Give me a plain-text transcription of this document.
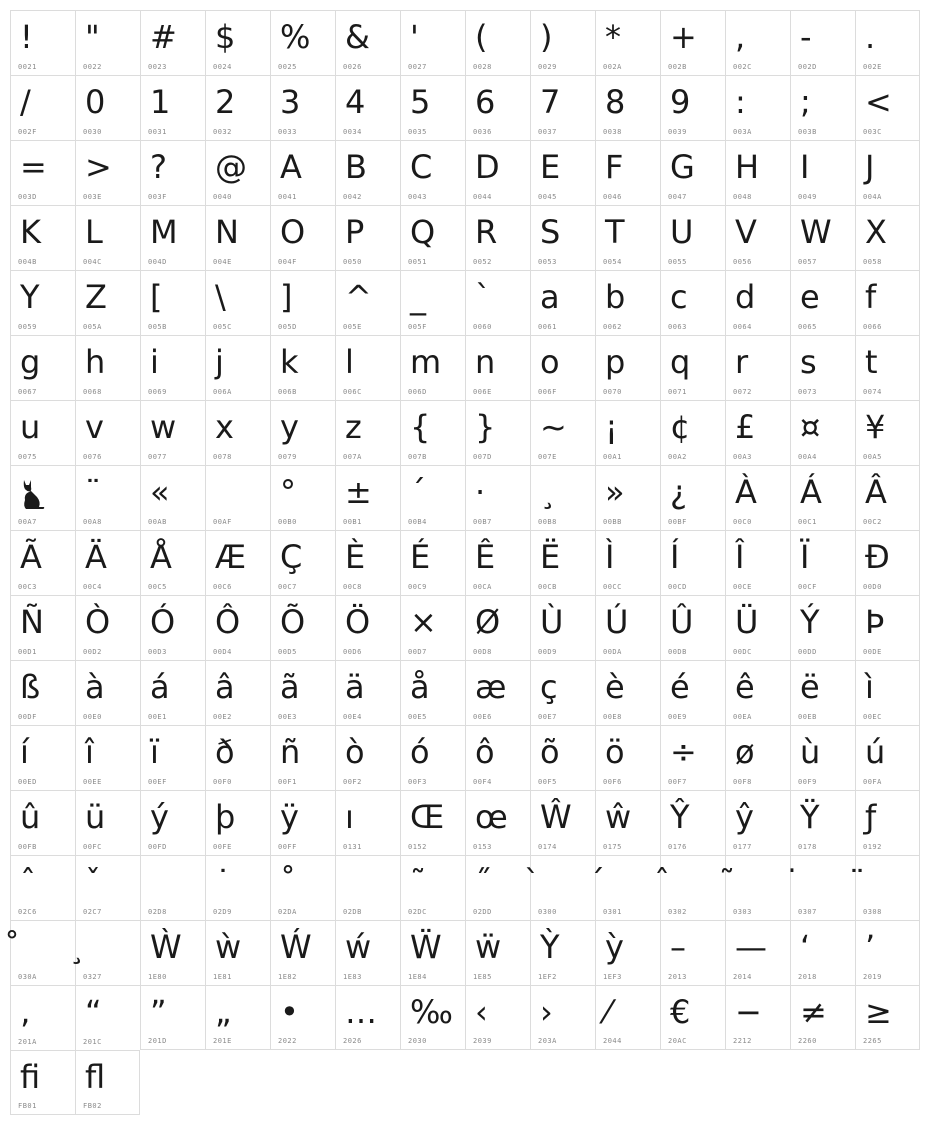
!
0021
"
0022
#
0023
$
0024
%
0025
&
0026
'
0027
(
0028
)
0029
*
002A
+
002B
,
002C
-
002D
.
002E
/
002F
0
0030
1
0031
2
0032
3
0033
4
0034
5
0035
6
0036
7
0037
8
0038
9
0039
:
003A
;
003B
<
003C
=
003D
>
003E
?
003F
@
0040
A
0041
B
0042
C
0043
D
0044
E
0045
F
0046
G
0047
H
0048
I
0049
J
004A
K
004B
L
004C
M
004D
N
004E
O
004F
P
0050
Q
0051
R
0052
S
0053
T
0054
U
0055
V
0056
W
0057
X
0058
Y
0059
Z
005A
[
005B
\
005C
]
005D
^
005E
_
005F
`
0060
a
0061
b
0062
c
0063
d
0064
e
0065
f
0066
g
0067
h
0068
i
0069
j
006A
k
006B
l
006C
m
006D
n
006E
o
006F
p
0070
q
0071
r
0072
s
0073
t
0074
u
0075
v
0076
w
0077
x
0078
y
0079
z
007A
{
007B
}
007D
~
007E
¡
00A1
¢
00A2
£
00A3
¤
00A4
¥
00A5
00A7
¨
00A8
«
00AB	00AF
°
00B0
±
00B1
´
00B4
·
00B7
¸
00B8
»
00BB
¿
00BF
À
00C0
Á
00C1
Â
00C2
Ã
00C3
Ä
00C4
Å
00C5
Æ
00C6
Ç
00C7
È
00C8
É
00C9
Ê
00CA
Ë
00CB
Ì
00CC
Í
00CD
Î
00CE
Ï
00CF
Ð
00D0
Ñ
00D1
Ò
00D2
Ó
00D3
Ô
00D4
Õ
00D5
Ö
00D6
×
00D7
Ø
00D8
Ù
00D9
Ú
00DA
Û
00DB
Ü
00DC
Ý
00DD
Þ
00DE
ß
00DF
à
00E0
á
00E1
â
00E2
ã
00E3
ä
00E4
å
00E5
æ
00E6
ç
00E7
è
00E8
é
00E9
ê
00EA
ë
00EB
ì
00EC
í
00ED
î
00EE
ï
00EF
ð
00F0
ñ
00F1
ò
00F2
ó
00F3
ô
00F4
õ
00F5
ö
00F6
÷
00F7
ø
00F8
ù
00F9
ú
00FA
û
00FB
ü
00FC
ý
00FD
þ
00FE
ÿ
00FF
ı
0131
Œ
0152
œ
0153
Ŵ
0174
ŵ
0175
Ŷ
0176
ŷ
0177
Ÿ
0178
ƒ
0192
ˆ
02C6
ˇ
02C7	02D8
˙
02D9
˚
02DA	02DB
˜
02DC
˝
02DD	0300	0301	0302	0303	0307	0308
030A	0327
Ẁ
1E80
ẁ
1E81
Ẃ
1E82
ẃ
1E83
Ẅ
1E84
ẅ
1E85
Ỳ
1EF2
ỳ
1EF3
–
2013
—
2014
‘
2018
’
2019
‚
201A
“
201C
”
201D
„
201E
•
2022
…
2026
‰
2030
‹
2039
›
203A
⁄
2044
€
20AC
−
2212
≠
2260
≥
2265
ﬁ
FB01
ﬂ
FB02
